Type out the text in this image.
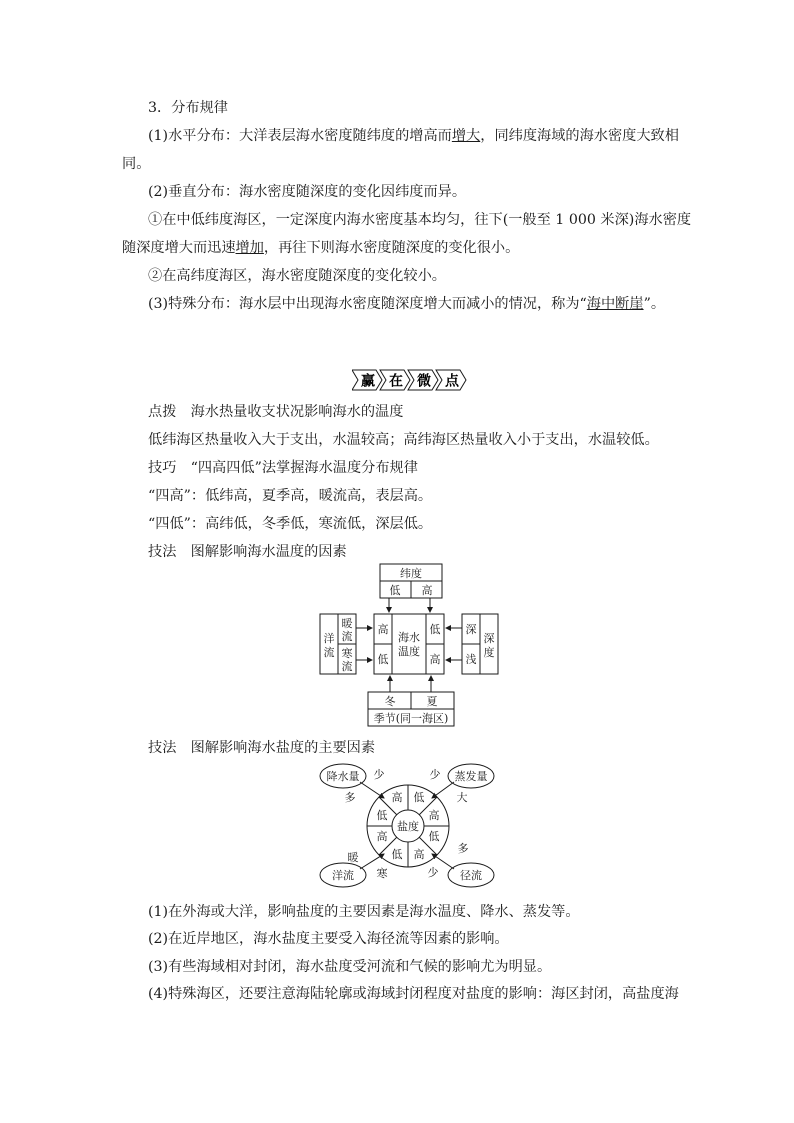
3．分布规律
(1)水平分布：大洋表层海水密度随纬度的增高而增大，同纬度海域的海水密度大致相
同。
(2)垂直分布：海水密度随深度的变化因纬度而异。
①在中低纬度海区，一定深度内海水密度基本均匀，往下(一般至 1 000 米深)海水密度
随深度增大而迅速增加，再往下则海水密度随深度的变化很小。
②在高纬度海区，海水密度随深度的变化较小。
(3)特殊分布：海水层中出现海水密度随深度增大而减小的情况，称为“海中断崖”。
赢 在 微 点
点拨　海水热量收支状况影响海水的温度
低纬海区热量收入大于支出，水温较高；高纬海区热量收入小于支出，水温较低。
技巧　“四高四低”法掌握海水温度分布规律
“四高”：低纬高，夏季高，暖流高，表层高。
“四低”：高纬低，冬季低，寒流低，深层低。
技法　图解影响海水温度的因素
纬度
低 高
冬	夏
季节(同一海区)
洋
流
暖
流
寒
流
深
度
深
浅
高
低
低
高
海水
温度
技法　图解影响海水盐度的主要因素
盐度
高 低
高
低
高
低
高
低
降水量	蒸发量
径流
洋流
少
多
少
大
多
少
暖
寒
(1)在外海或大洋，影响盐度的主要因素是海水温度、降水、蒸发等。
(2)在近岸地区，海水盐度主要受入海径流等因素的影响。
(3)有些海域相对封闭，海水盐度受河流和气候的影响尤为明显。
(4)特殊海区，还要注意海陆轮廓或海域封闭程度对盐度的影响：海区封闭，高盐度海
